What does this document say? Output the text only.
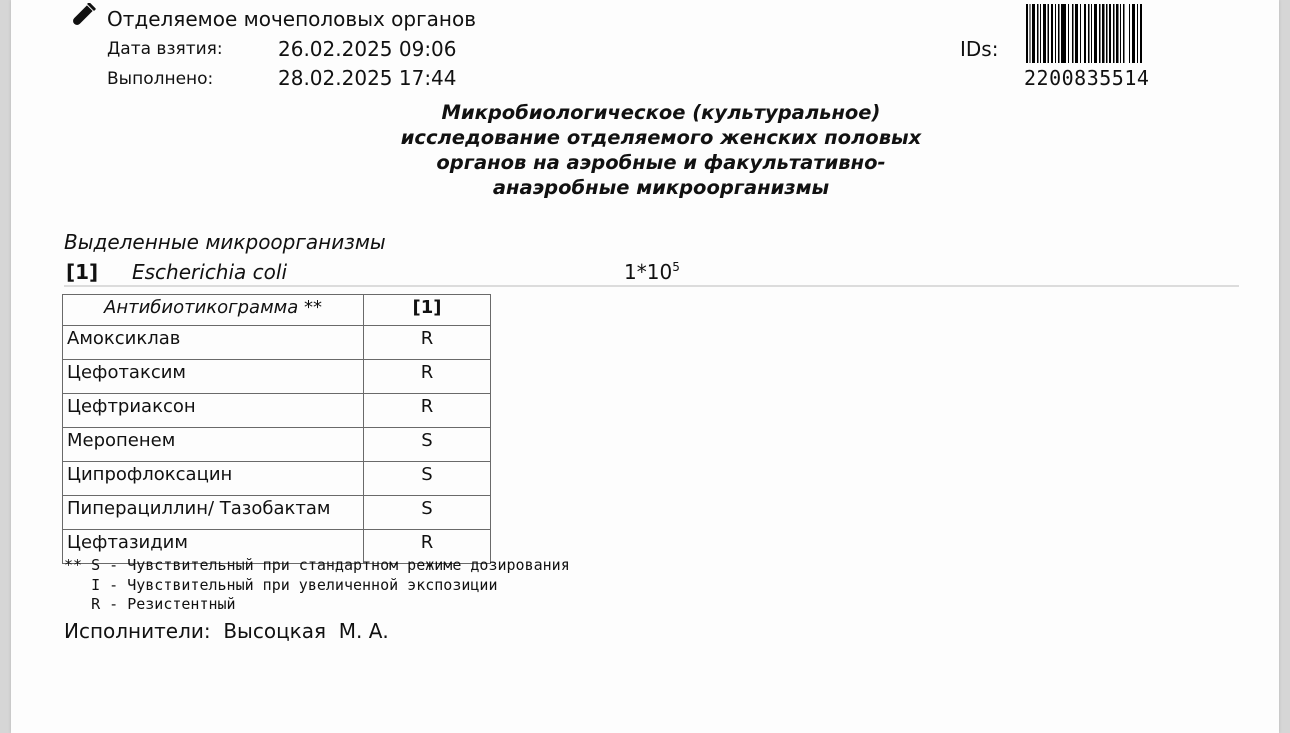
Отделяемое мочеполовых органов
Дата взятия:	26.02.2025 09:06
Выполнено:	28.02.2025 17:44
IDs:
2200835514
Микробиологическое (культуральное) исследование отделяемого женских половых органов на аэробные и факультативно-анаэробные микроорганизмы
Выделенные микроорганизмы
[1] Escherichia coli	$1*10^5$
Антибиотикограмма **	[1]
Амоксиклав	R
Цефотаксим	R
Цефтриаксон	R
Меропенем	S
Ципрофлоксацин	S
Пиперациллин/ Тазобактам	S
Цефтазидим	R
** S - Чувствительный при стандартном режиме дозирования
I - Чувствительный при увеличенной экспозиции
R - Резистентный
Исполнители: Высоцкая  М. А.
